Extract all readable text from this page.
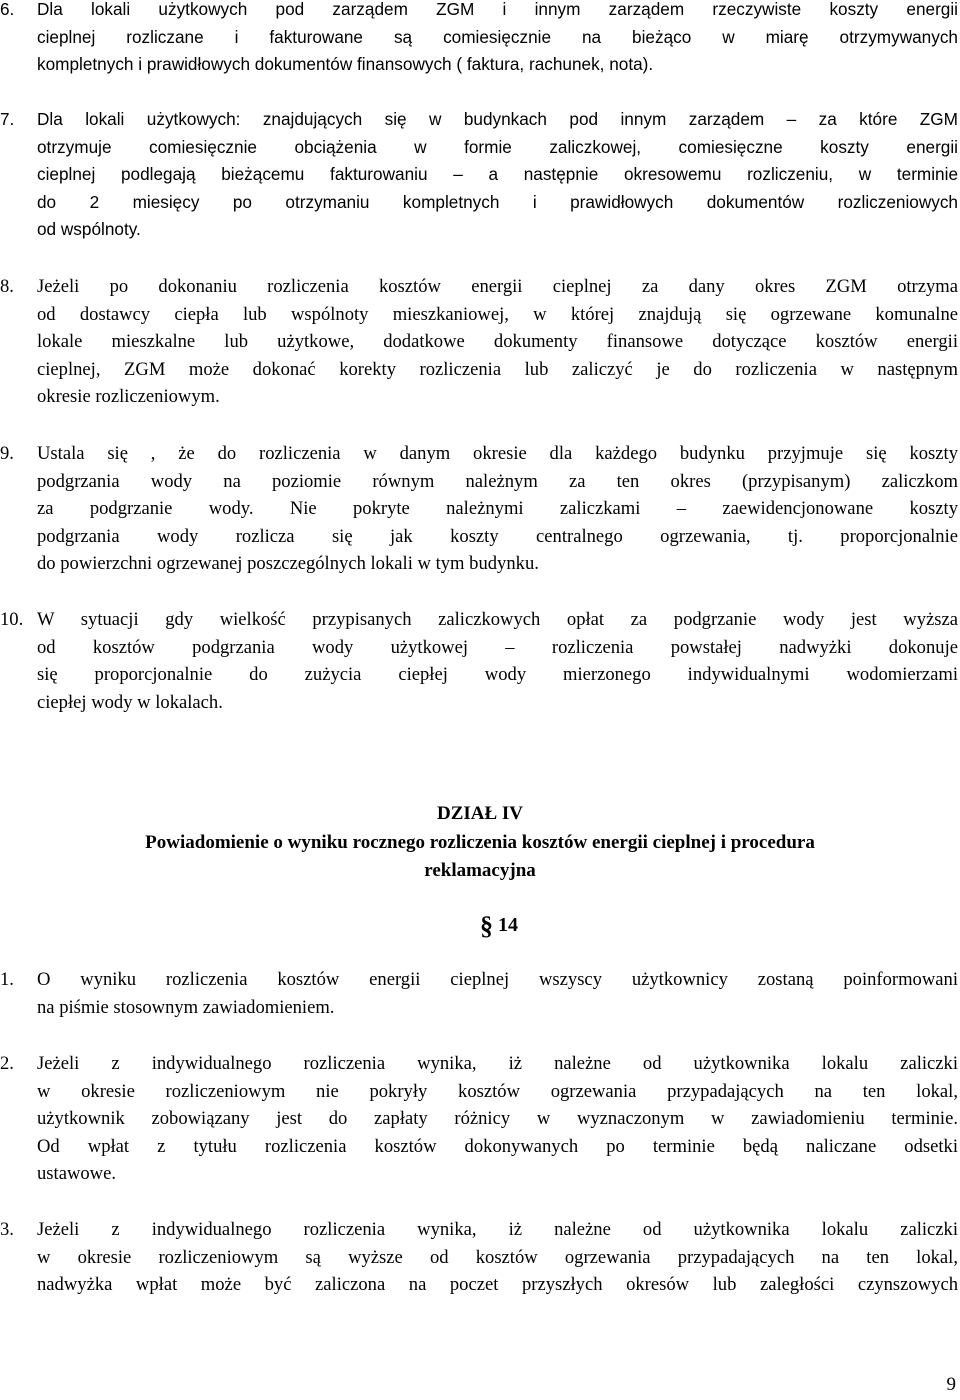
6. Dla lokali użytkowych pod zarządem ZGM i innym zarządem rzeczywiste koszty energii
cieplnej rozliczane i fakturowane są comiesięcznie na bieżąco w miarę otrzymywanych
kompletnych i prawidłowych dokumentów finansowych ( faktura, rachunek, nota).
7. Dla lokali użytkowych: znajdujących się w budynkach pod innym zarządem – za które ZGM
otrzymuje comiesięcznie obciążenia w formie zaliczkowej, comiesięczne koszty energii
cieplnej podlegają bieżącemu fakturowaniu – a następnie okresowemu rozliczeniu, w terminie
do 2 miesięcy po otrzymaniu kompletnych i prawidłowych dokumentów rozliczeniowych
od wspólnoty.
8. Jeżeli po dokonaniu rozliczenia kosztów energii cieplnej za dany okres ZGM otrzyma
od dostawcy ciepła lub wspólnoty mieszkaniowej, w której znajdują się ogrzewane komunalne
lokale mieszkalne lub użytkowe, dodatkowe dokumenty finansowe dotyczące kosztów energii
cieplnej, ZGM może dokonać korekty rozliczenia lub zaliczyć je do rozliczenia w następnym
okresie rozliczeniowym.
9. Ustala się , że do rozliczenia w danym okresie dla każdego budynku przyjmuje się koszty
podgrzania wody na poziomie równym należnym za ten okres (przypisanym) zaliczkom
za podgrzanie wody. Nie pokryte należnymi zaliczkami – zaewidencjonowane koszty
podgrzania wody rozlicza się jak koszty centralnego ogrzewania, tj. proporcjonalnie
do powierzchni ogrzewanej poszczególnych lokali w tym budynku.
10. W sytuacji gdy wielkość przypisanych zaliczkowych opłat za podgrzanie wody jest wyższa
od kosztów podgrzania wody użytkowej – rozliczenia powstałej nadwyżki dokonuje
się proporcjonalnie do zużycia ciepłej wody mierzonego indywidualnymi wodomierzami
ciepłej wody w lokalach.
DZIAŁ IV
Powiadomienie o wyniku rocznego rozliczenia kosztów energii cieplnej i procedura
reklamacyjna
§ 14
1. O wyniku rozliczenia kosztów energii cieplnej wszyscy użytkownicy zostaną poinformowani
na piśmie stosownym zawiadomieniem.
2. Jeżeli z indywidualnego rozliczenia wynika, iż należne od użytkownika lokalu zaliczki
w okresie rozliczeniowym nie pokryły kosztów ogrzewania przypadających na ten lokal,
użytkownik zobowiązany jest do zapłaty różnicy w wyznaczonym w zawiadomieniu terminie.
Od wpłat z tytułu rozliczenia kosztów dokonywanych po terminie będą naliczane odsetki
ustawowe.
3. Jeżeli z indywidualnego rozliczenia wynika, iż należne od użytkownika lokalu zaliczki
w okresie rozliczeniowym są wyższe od kosztów ogrzewania przypadających na ten lokal,
nadwyżka wpłat może być zaliczona na poczet przyszłych okresów lub zaległości czynszowych
9
